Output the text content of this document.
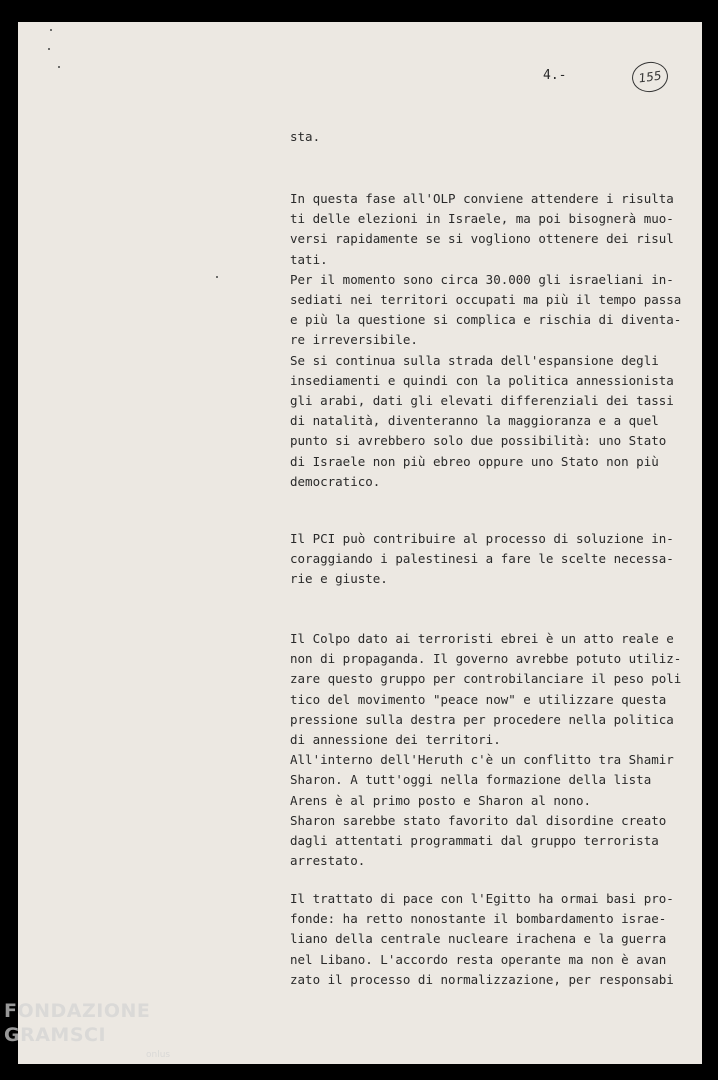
4.-	155

sta.

In questa fase all'OLP conviene attendere i risulta
ti delle elezioni in Israele, ma poi bisognerà muo-
versi rapidamente se si vogliono ottenere dei risul
tati.
Per il momento sono circa 30.000 gli israeliani in-
sediati nei territori occupati ma più il tempo passa
e più la questione si complica e rischia di diventa-
re irreversibile.
Se si continua sulla strada dell'espansione degli
insediamenti e quindi con la politica annessionista
gli arabi, dati gli elevati differenziali dei tassi
di natalità, diventeranno la maggioranza e a quel
punto si avrebbero solo due possibilità: uno Stato
di Israele non più ebreo oppure uno Stato non più
democratico.

Il PCI può contribuire al processo di soluzione in-
coraggiando i palestinesi a fare le scelte necessa-
rie e giuste.

Il Colpo dato ai terroristi ebrei è un atto reale e
non di propaganda. Il governo avrebbe potuto utiliz-
zare questo gruppo per controbilanciare il peso poli
tico del movimento "peace now" e utilizzare questa
pressione sulla destra per procedere nella politica
di annessione dei territori.
All'interno dell'Heruth c'è un conflitto tra Shamir
Sharon. A tutt'oggi nella formazione della lista
Arens è al primo posto e Sharon al nono.
Sharon sarebbe stato favorito dal disordine creato
dagli attentati programmati dal gruppo terrorista
arrestato.

Il trattato di pace con l'Egitto ha ormai basi pro-
fonde: ha retto nonostante il bombardamento israe-
liano della centrale nucleare irachena e la guerra
nel Libano. L'accordo resta operante ma non è avan
zato il processo di normalizzazione, per responsabi

FONDAZIONE
GRAMSCI
onlus
